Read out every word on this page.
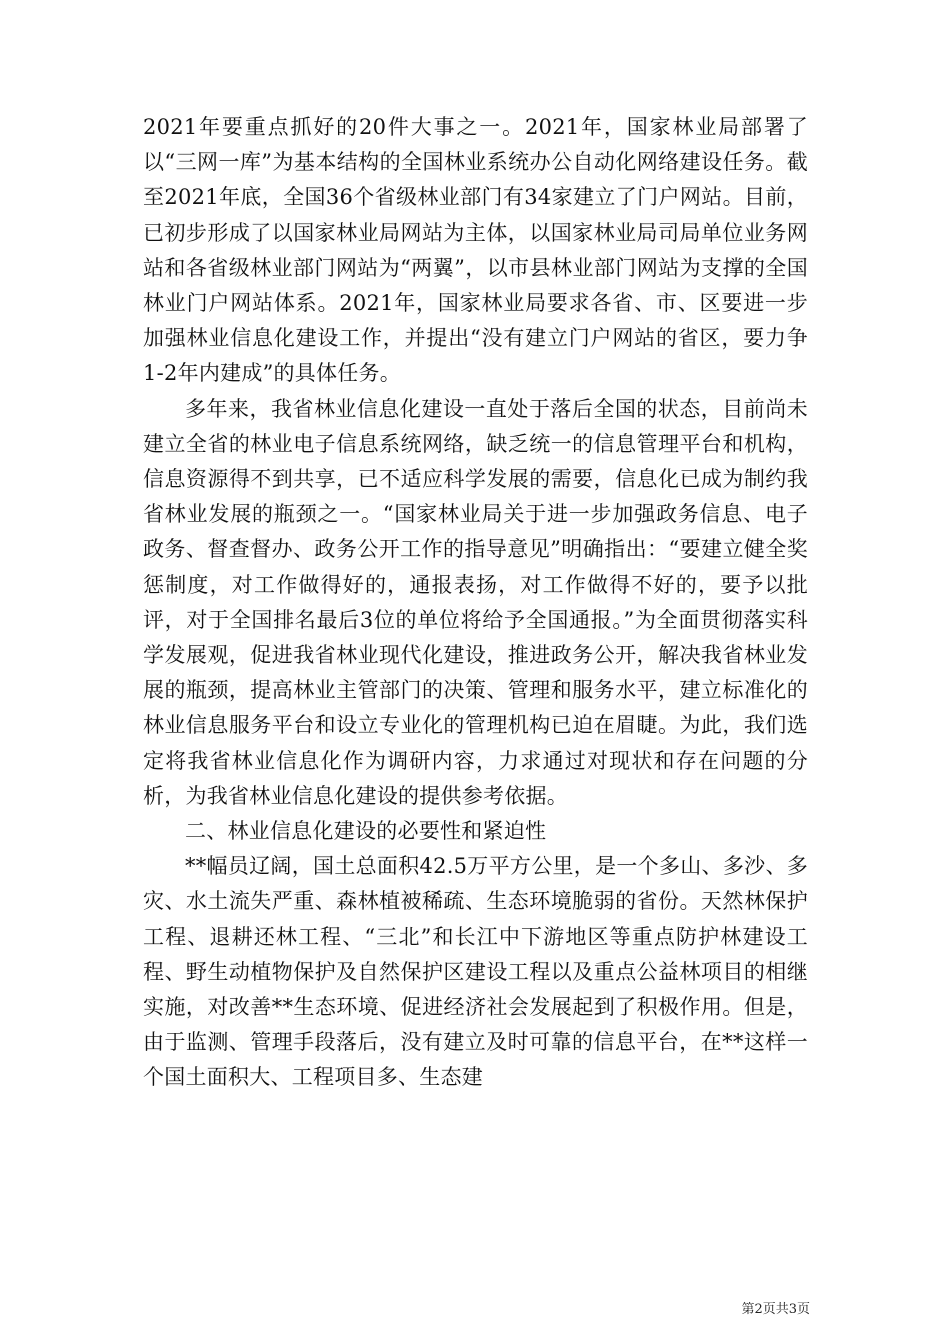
2021年要重点抓好的20件大事之一。2021年，国家林业局部署了以“三网一库”为基本结构的全国林业系统办公自动化网络建设任务。截至2021年底，全国36个省级林业部门有34家建立了门户网站。目前，已初步形成了以国家林业局网站为主体，以国家林业局司局单位业务网站和各省级林业部门网站为“两翼”，以市县林业部门网站为支撑的全国林业门户网站体系。2021年，国家林业局要求各省、市、区要进一步加强林业信息化建设工作，并提出“没有建立门户网站的省区，要力争1-2年内建成”的具体任务。

多年来，我省林业信息化建设一直处于落后全国的状态，目前尚未建立全省的林业电子信息系统网络，缺乏统一的信息管理平台和机构，信息资源得不到共享，已不适应科学发展的需要，信息化已成为制约我省林业发展的瓶颈之一。“国家林业局关于进一步加强政务信息、电子政务、督查督办、政务公开工作的指导意见”明确指出：“要建立健全奖惩制度，对工作做得好的，通报表扬，对工作做得不好的，要予以批评，对于全国排名最后3位的单位将给予全国通报。”为全面贯彻落实科学发展观，促进我省林业现代化建设，推进政务公开，解决我省林业发展的瓶颈，提高林业主管部门的决策、管理和服务水平，建立标准化的林业信息服务平台和设立专业化的管理机构已迫在眉睫。为此，我们选定将我省林业信息化作为调研内容，力求通过对现状和存在问题的分析，为我省林业信息化建设的提供参考依据。

二、林业信息化建设的必要性和紧迫性

**幅员辽阔，国土总面积42.5万平方公里，是一个多山、多沙、多灾、水土流失严重、森林植被稀疏、生态环境脆弱的省份。天然林保护工程、退耕还林工程、“三北”和长江中下游地区等重点防护林建设工程、野生动植物保护及自然保护区建设工程以及重点公益林项目的相继实施，对改善**生态环境、促进经济社会发展起到了积极作用。但是，由于监测、管理手段落后，没有建立及时可靠的信息平台，在**这样一个国土面积大、工程项目多、生态建

第2页共3页
